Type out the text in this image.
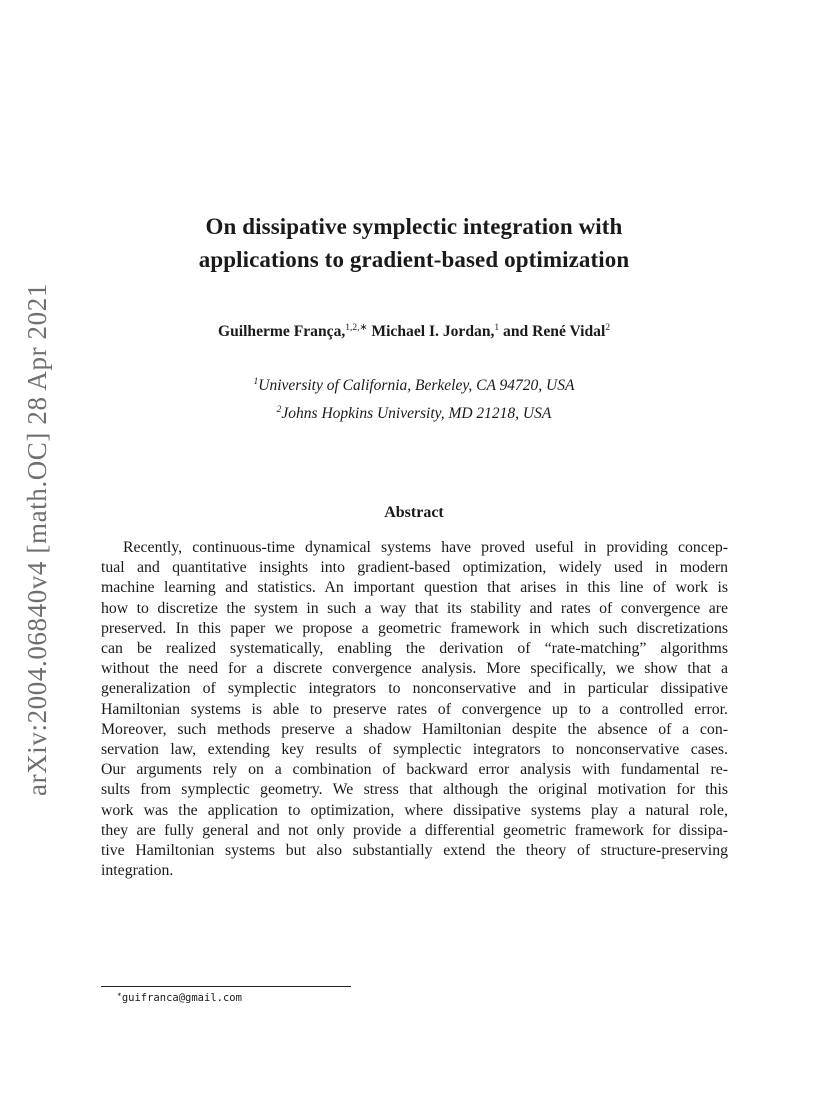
arXiv:2004.06840v4 [math.OC] 28 Apr 2021
On dissipative symplectic integration with
applications to gradient-based optimization
Guilherme França,$^{1,2,∗}$ Michael I. Jordan,$^1$ and René Vidal$^2$
$^1$University of California, Berkeley, CA 94720, USA
$^2$Johns Hopkins University, MD 21218, USA
Abstract
Recently, continuous-time dynamical systems have proved useful in providing concep-
tual and quantitative insights into gradient-based optimization, widely used in modern
machine learning and statistics. An important question that arises in this line of work is
how to discretize the system in such a way that its stability and rates of convergence are
preserved. In this paper we propose a geometric framework in which such discretizations
can be realized systematically, enabling the derivation of “rate-matching” algorithms
without the need for a discrete convergence analysis. More specifically, we show that a
generalization of symplectic integrators to nonconservative and in particular dissipative
Hamiltonian systems is able to preserve rates of convergence up to a controlled error.
Moreover, such methods preserve a shadow Hamiltonian despite the absence of a con-
servation law, extending key results of symplectic integrators to nonconservative cases.
Our arguments rely on a combination of backward error analysis with fundamental re-
sults from symplectic geometry. We stress that although the original motivation for this
work was the application to optimization, where dissipative systems play a natural role,
they are fully general and not only provide a differential geometric framework for dissipa-
tive Hamiltonian systems but also substantially extend the theory of structure-preserving
integration.
∗guifranca@gmail.com
